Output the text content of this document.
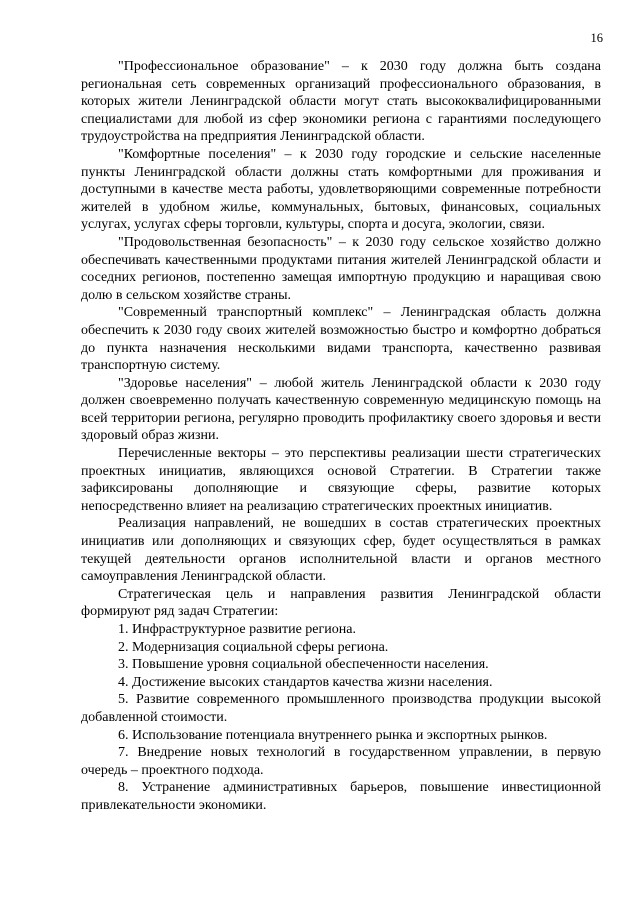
16

"Профессиональное образование" – к 2030 году должна быть создана региональная сеть современных организаций профессионального образования, в которых жители Ленинградской области могут стать высококвалифицированными специалистами для любой из сфер экономики региона с гарантиями последующего трудоустройства на предприятия Ленинградской области.

"Комфортные поселения" – к 2030 году городские и сельские населенные пункты Ленинградской области должны стать комфортными для проживания и доступными в качестве места работы, удовлетворяющими современные потребности жителей в удобном жилье, коммунальных, бытовых, финансовых, социальных услугах, услугах сферы торговли, культуры, спорта и досуга, экологии, связи.

"Продовольственная безопасность" – к 2030 году сельское хозяйство должно обеспечивать качественными продуктами питания жителей Ленинградской области и соседних регионов, постепенно замещая импортную продукцию и наращивая свою долю в сельском хозяйстве страны.

"Современный транспортный комплекс" – Ленинградская область должна обеспечить к 2030 году своих жителей возможностью быстро и комфортно добраться до пункта назначения несколькими видами транспорта, качественно развивая транспортную систему.

"Здоровье населения" – любой житель Ленинградской области к 2030 году должен своевременно получать качественную современную медицинскую помощь на всей территории региона, регулярно проводить профилактику своего здоровья и вести здоровый образ жизни.

Перечисленные векторы – это перспективы реализации шести стратегических проектных инициатив, являющихся основой Стратегии. В Стратегии также зафиксированы дополняющие и связующие сферы, развитие которых непосредственно влияет на реализацию стратегических проектных инициатив.

Реализация направлений, не вошедших в состав стратегических проектных инициатив или дополняющих и связующих сфер, будет осуществляться в рамках текущей деятельности органов исполнительной власти и органов местного самоуправления Ленинградской области.

Стратегическая цель и направления развития Ленинградской области формируют ряд задач Стратегии:

1. Инфраструктурное развитие региона.

2. Модернизация социальной сферы региона.

3. Повышение уровня социальной обеспеченности населения.

4. Достижение высоких стандартов качества жизни населения.

5. Развитие современного промышленного производства продукции высокой добавленной стоимости.

6. Использование потенциала внутреннего рынка и экспортных рынков.

7. Внедрение новых технологий в государственном управлении, в первую очередь – проектного подхода.

8. Устранение административных барьеров, повышение инвестиционной привлекательности экономики.
